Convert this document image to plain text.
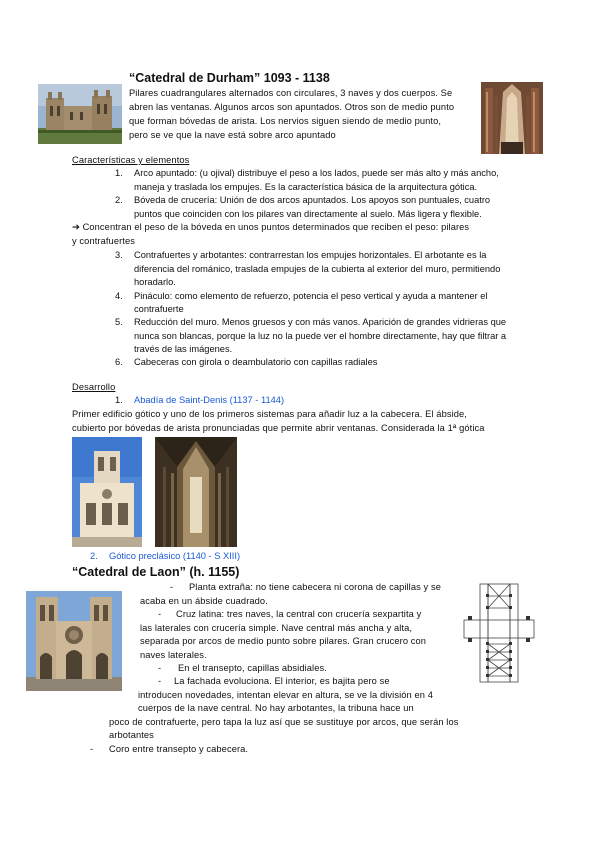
“Catedral de Durham” 1093 - 1138
Pilares cuadrangulares alternados con circulares, 3 naves y dos cuerpos. Se
abren las ventanas. Algunos arcos son apuntados. Otros son de medio punto
que forman bóvedas de arista. Los nervios siguen siendo de medio punto,
pero se ve que la nave está sobre arco apuntado
Características y elementos
1. Arco apuntado: (u ojival) distribuye el peso a los lados, puede ser más alto y más ancho,
maneja y traslada los empujes. Es la característica básica de la arquitectura gótica.
2. Bóveda de crucería: Unión de dos arcos apuntados. Los apoyos son puntuales, cuatro
puntos que coinciden con los pilares van directamente al suelo. Más ligera y flexible.
➔ Concentran el peso de la bóveda en unos puntos determinados que reciben el peso: pilares
y contrafuertes
3. Contrafuertes y arbotantes: contrarrestan los empujes horizontales. El arbotante es la
diferencia del románico, traslada empujes de la cubierta al exterior del muro, permitiendo
horadarlo.
4. Pináculo: como elemento de refuerzo, potencia el peso vertical y ayuda a mantener el
contrafuerte
5. Reducción del muro. Menos gruesos y con más vanos. Aparición de grandes vidrieras que
nunca son blancas, porque la luz no la puede ver el hombre directamente, hay que filtrar a
través de las imágenes.
6. Cabeceras con girola o deambulatorio con capillas radiales
Desarrollo
1. Abadía de Saint-Denis (1137 - 1144)
Primer edificio gótico y uno de los primeros sistemas para añadir luz a la cabecera. El ábside,
cubierto por bóvedas de arista pronunciadas que permite abrir ventanas. Considerada la 1ª gótica
2. Gótico preclásico (1140 - S XIII)
“Catedral de Laon” (h. 1155)
- Planta extraña: no tiene cabecera ni corona de capillas y se
acaba en un ábside cuadrado.
- Cruz latina: tres naves, la central con crucería sexpartita y
las laterales con crucería simple. Nave central más ancha y alta,
separada por arcos de medio punto sobre pilares. Gran crucero con
naves laterales.
- En el transepto, capillas absidiales.
- La fachada evoluciona. El interior, es bajita pero se
introducen novedades, intentan elevar en altura, se ve la división en 4
cuerpos de la nave central. No hay arbotantes, la tribuna hace un
poco de contrafuerte, pero tapa la luz así que se sustituye por arcos, que serán los
arbotantes
- Coro entre transepto y cabecera.
